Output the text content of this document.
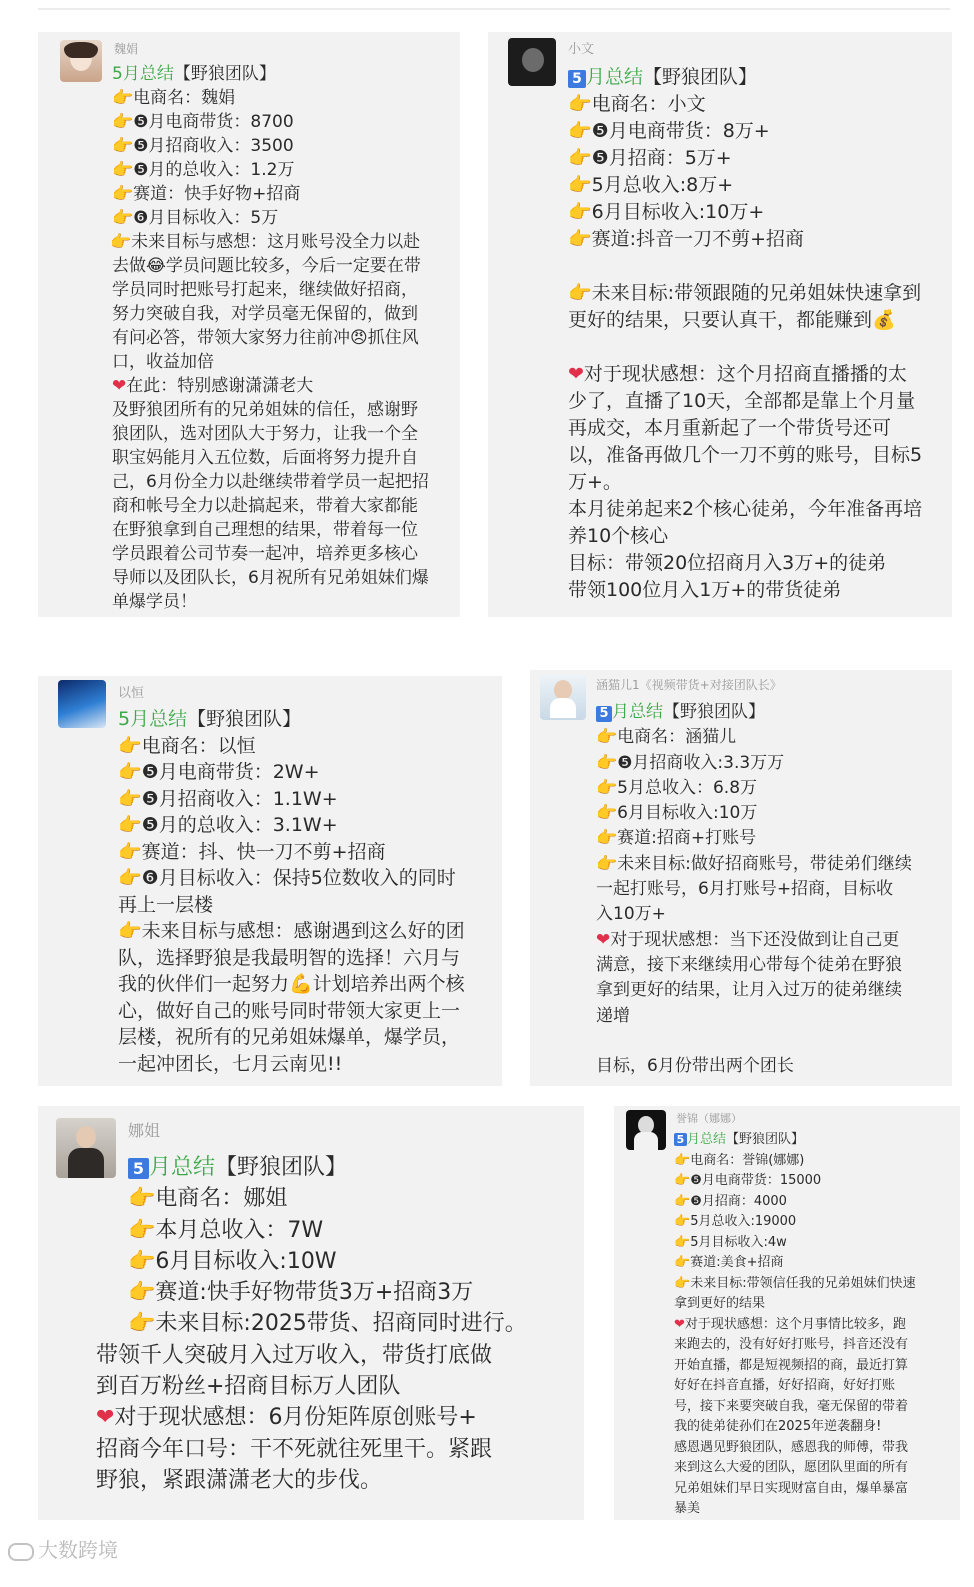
魏娟
5月总结【野狼团队】
👉电商名：魏娟
👉❺月电商带货：8700
👉❺月招商收入：3500
👉❺月的总收入：1.2万
👉赛道：快手好物+招商
👉❻月目标收入：5万
👉未来目标与感想：这月账号没全力以赴
去做😂学员问题比较多，今后一定要在带
学员同时把账号打起来，继续做好招商，
努力突破自我，对学员毫无保留的，做到
有问必答，带领大家努力往前冲😠抓住风
口，收益加倍
❤在此：特别感谢潇潇老大
及野狼团所有的兄弟姐妹的信任，感谢野
狼团队，选对团队大于努力，让我一个全
职宝妈能月入五位数，后面将努力提升自
己，6月份全力以赴继续带着学员一起把招
商和帐号全力以赴搞起来，带着大家都能
在野狼拿到自己理想的结果，带着每一位
学员跟着公司节奏一起冲，培养更多核心
导师以及团队长，6月祝所有兄弟姐妹们爆
单爆学员！
小文
5 月总结【野狼团队】
👉电商名：小文
👉❺月电商带货：8万+
👉❺月招商：5万+
👉5月总收入:8万+
👉6月目标收入:10万+
👉赛道:抖音一刀不剪+招商

👉未来目标:带领跟随的兄弟姐妹快速拿到
更好的结果，只要认真干，都能赚到💰

❤对于现状感想：这个月招商直播播的太
少了，直播了10天，全部都是靠上个月量
再成交，本月重新起了一个带货号还可
以，准备再做几个一刀不剪的账号，目标5
万+。
本月徒弟起来2个核心徒弟，今年准备再培
养10个核心
目标：带领20位招商月入3万+的徒弟
带领100位月入1万+的带货徒弟
以恒
5月总结【野狼团队】
👉电商名：以恒
👉❺月电商带货：2W+
👉❺月招商收入：1.1W+
👉❺月的总收入：3.1W+
👉赛道：抖、快一刀不剪+招商
👉❻月目标收入：保持5位数收入的同时
再上一层楼
👉未来目标与感想：感谢遇到这么好的团
队，选择野狼是我最明智的选择！六月与
我的伙伴们一起努力💪计划培养出两个核
心，做好自己的账号同时带领大家更上一
层楼，祝所有的兄弟姐妹爆单，爆学员，
一起冲团长，七月云南见!!
涵猫儿1《视频带货+对接团队长》
5 月总结【野狼团队】
👉电商名：涵猫儿
👉❺月招商收入:3.3万万
👉5月总收入：6.8万
👉6月目标收入:10万
👉赛道:招商+打账号
👉未来目标:做好招商账号，带徒弟们继续
一起打账号，6月打账号+招商，目标收
入10万+
❤对于现状感想：当下还没做到让自己更
满意，接下来继续用心带每个徒弟在野狼
拿到更好的结果，让月入过万的徒弟继续
递增

目标，6月份带出两个团长
娜姐
5 月总结【野狼团队】
👉电商名：娜姐
👉本月总收入：7W
👉6月目标收入:10W
👉赛道:快手好物带货3万+招商3万
👉未来目标:2025带货、招商同时进行。
带领千人突破月入过万收入，带货打底做
到百万粉丝+招商目标万人团队
❤对于现状感想：6月份矩阵原创账号+
招商今年口号：干不死就往死里干。紧跟
野狼，紧跟潇潇老大的步伐。
誉锦（娜娜）
5 月总结【野狼团队】
👉电商名：誉锦(娜娜)
👉❺月电商带货：15000
👉❺月招商：4000
👉5月总收入:19000
👉5月目标收入:4w
👉赛道:美食+招商
👉未来目标:带领信任我的兄弟姐妹们快速
拿到更好的结果
❤对于现状感想：这个月事情比较多，跑
来跑去的，没有好好打账号，抖音还没有
开始直播，都是短视频招的商，最近打算
好好在抖音直播，好好招商，好好打账
号，接下来要突破自我，毫无保留的带着
我的徒弟徒孙们在2025年逆袭翻身!
感恩遇见野狼团队，感恩我的师傅，带我
来到这么大爱的团队，愿团队里面的所有
兄弟姐妹们早日实现财富自由，爆单暴富
暴美
大数跨境
